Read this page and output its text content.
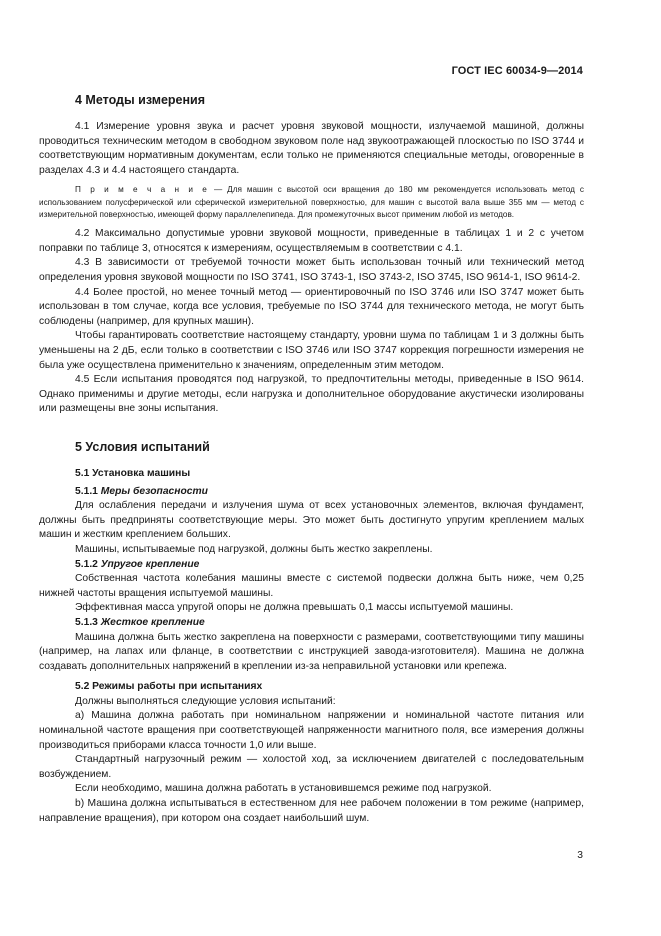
ГОСТ IEC 60034-9—2014
4 Методы измерения

4.1 Измерение уровня звука и расчет уровня звуковой мощности, излучаемой машиной, должны проводиться техническим методом в свободном звуковом поле над звукоотражающей плоскостью по ISO 3744 и соответствующим нормативным документам, если только не применяются специальные методы, оговоренные в разделах 4.3 и 4.4 настоящего стандарта.

П р и м е ч а н и е — Для машин с высотой оси вращения до 180 мм рекомендуется использовать метод с использованием полусферической или сферической измерительной поверхностью, для машин с высотой вала выше 355 мм — метод с измерительной поверхностью, имеющей форму параллелепипеда. Для промежуточных высот применим любой из методов.

4.2 Максимально допустимые уровни звуковой мощности, приведенные в таблицах 1 и 2 с учетом поправки по таблице 3, относятся к измерениям, осуществляемым в соответствии с 4.1.

4.3 В зависимости от требуемой точности может быть использован точный или технический метод определения уровня звуковой мощности по ISO 3741, ISO 3743-1, ISO 3743-2, ISO 3745, ISO 9614-1, ISO 9614-2.

4.4 Более простой, но менее точный метод — ориентировочный по ISO 3746 или ISO 3747 может быть использован в том случае, когда все условия, требуемые по ISO 3744 для технического метода, не могут быть соблюдены (например, для крупных машин).

Чтобы гарантировать соответствие настоящему стандарту, уровни шума по таблицам 1 и 3 должны быть уменьшены на 2 дБ, если только в соответствии с ISO 3746 или ISO 3747 коррекция погрешности измерения не была уже осуществлена применительно к значениям, определенным этим методом.

4.5 Если испытания проводятся под нагрузкой, то предпочтительны методы, приведенные в ISO 9614. Однако применимы и другие методы, если нагрузка и дополнительное оборудование акустически изолированы или размещены вне зоны испытания.

5 Условия испытаний
5.1 Установка машины
5.1.1 Меры безопасности

Для ослабления передачи и излучения шума от всех установочных элементов, включая фундамент, должны быть предприняты соответствующие меры. Это может быть достигнуто упругим креплением малых машин и жестким креплением больших.

Машины, испытываемые под нагрузкой, должны быть жестко закреплены.

5.1.2 Упругое крепление

Собственная частота колебания машины вместе с системой подвески должна быть ниже, чем 0,25 нижней частоты вращения испытуемой машины.

Эффективная масса упругой опоры не должна превышать 0,1 массы испытуемой машины.

5.1.3 Жесткое крепление

Машина должна быть жестко закреплена на поверхности с размерами, соответствующими типу машины (например, на лапах или фланце, в соответствии с инструкцией завода-изготовителя). Машина не должна создавать дополнительных напряжений в креплении из-за неправильной установки или крепежа.

5.2 Режимы работы при испытаниях

Должны выполняться следующие условия испытаний:

a) Машина должна работать при номинальном напряжении и номинальной частоте питания или номинальной частоте вращения при соответствующей напряженности магнитного поля, все измерения должны производиться приборами класса точности 1,0 или выше.

Стандартный нагрузочный режим — холостой ход, за исключением двигателей с последовательным возбуждением.

Если необходимо, машина должна работать в установившемся режиме под нагрузкой.

b) Машина должна испытываться в естественном для нее рабочем положении в том режиме (например, направление вращения), при котором она создает наибольший шум.

3
